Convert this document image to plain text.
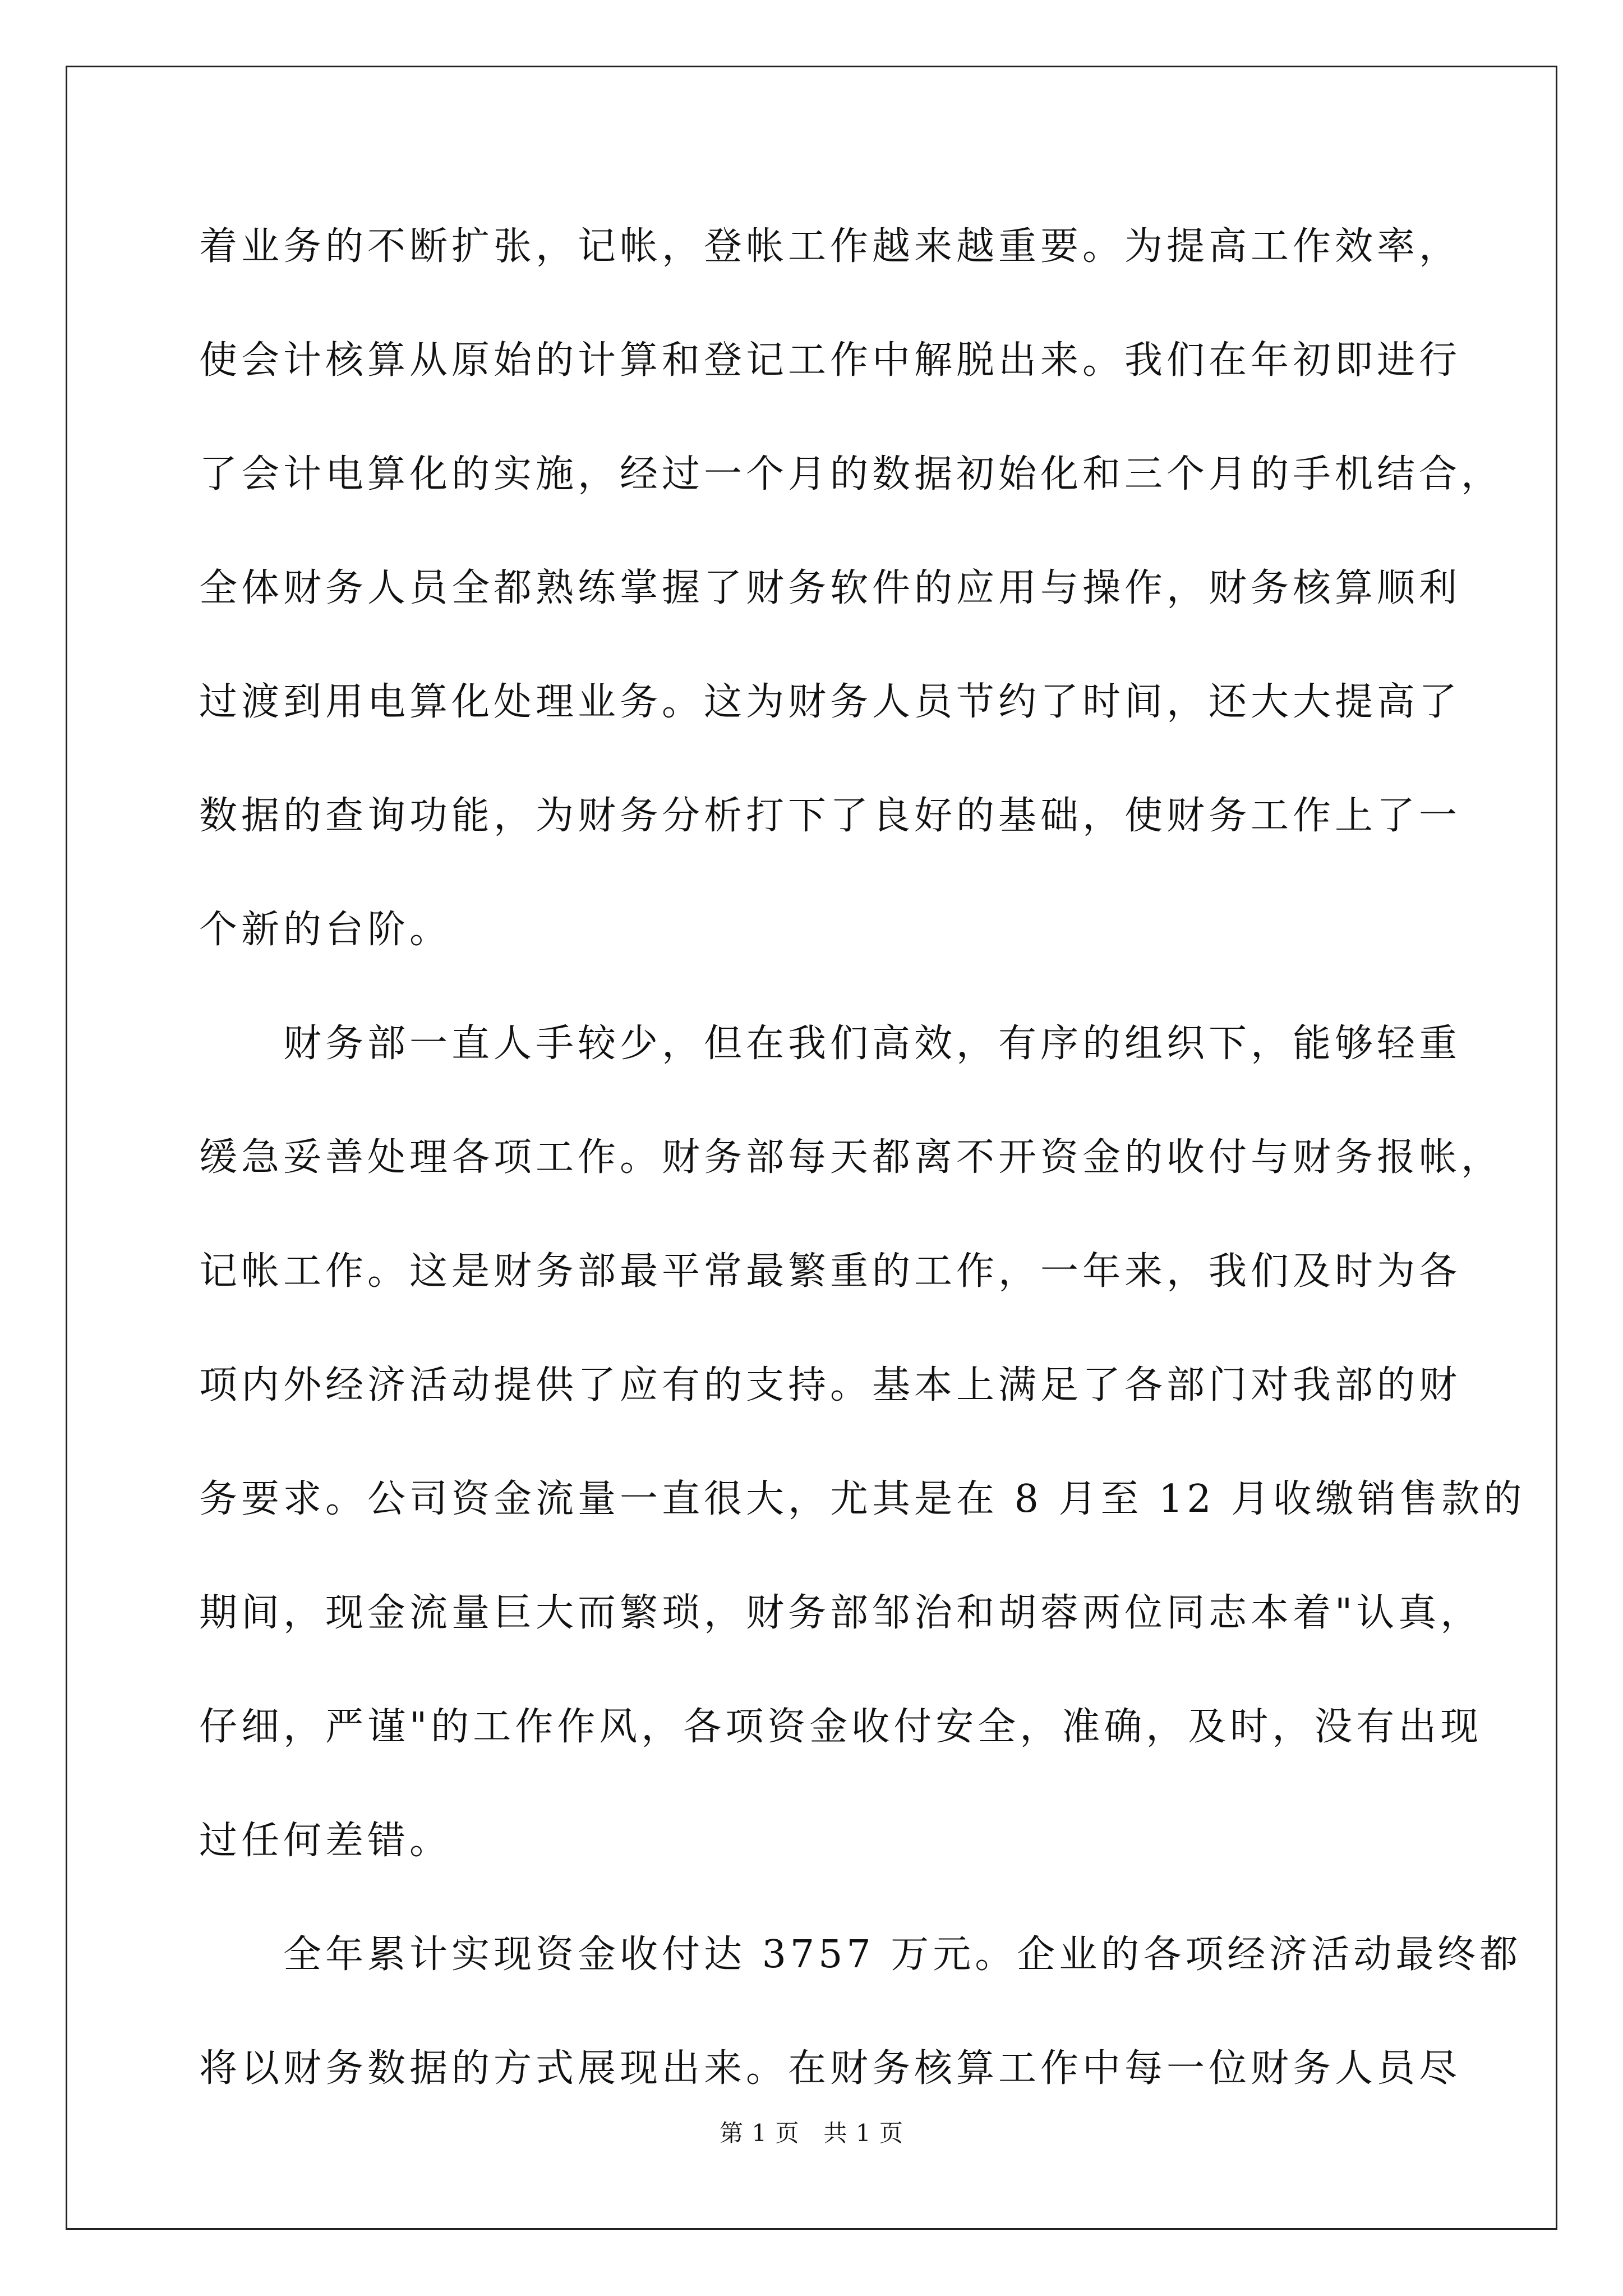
着业务的不断扩张，记帐，登帐工作越来越重要。为提高工作效率，

使会计核算从原始的计算和登记工作中解脱出来。我们在年初即进行

了会计电算化的实施，经过一个月的数据初始化和三个月的手机结合，

全体财务人员全都熟练掌握了财务软件的应用与操作，财务核算顺利

过渡到用电算化处理业务。这为财务人员节约了时间，还大大提高了

数据的查询功能，为财务分析打下了良好的基础，使财务工作上了一

个新的台阶。

财务部一直人手较少，但在我们高效，有序的组织下，能够轻重

缓急妥善处理各项工作。财务部每天都离不开资金的收付与财务报帐，

记帐工作。这是财务部最平常最繁重的工作，一年来，我们及时为各

项内外经济活动提供了应有的支持。基本上满足了各部门对我部的财

务要求。公司资金流量一直很大，尤其是在 8 月至 12 月收缴销售款的

期间，现金流量巨大而繁琐，财务部邹治和胡蓉两位同志本着"认真，

仔细，严谨"的工作作风，各项资金收付安全，准确，及时，没有出现

过任何差错。

全年累计实现资金收付达 3757 万元。企业的各项经济活动最终都

将以财务数据的方式展现出来。在财务核算工作中每一位财务人员尽

第 1 页　共 1 页
